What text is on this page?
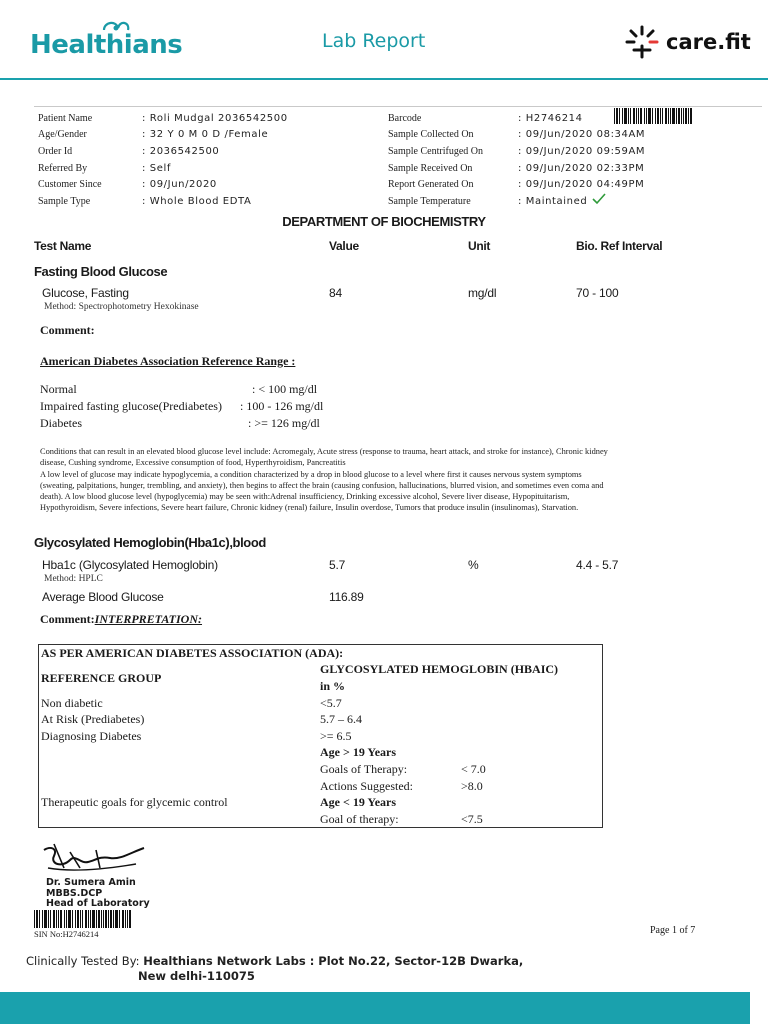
Healthians	Lab Report	care.fit
Patient Name	: Roli Mudgal 2036542500
Age/Gender	: 32 Y 0 M 0 D /Female
Order Id	: 2036542500
Referred By	: Self
Customer Since	: 09/Jun/2020
Sample Type	: Whole Blood EDTA
Barcode	: H2746214
Sample Collected On	: 09/Jun/2020 08:34AM
Sample Centrifuged On	: 09/Jun/2020 09:59AM
Sample Received On	: 09/Jun/2020 02:33PM
Report Generated On	: 09/Jun/2020 04:49PM
Sample Temperature	: Maintained
DEPARTMENT OF BIOCHEMISTRY
Test Name	Value	Unit	Bio. Ref Interval
Fasting Blood Glucose
Glucose, Fasting	84	mg/dl	70 - 100
Method: Spectrophotometry Hexokinase
Comment:
American Diabetes Association Reference Range :
Normal	: < 100 mg/dl
Impaired fasting glucose(Prediabetes) : 100 - 126 mg/dl
Diabetes	: >= 126 mg/dl
Conditions that can result in an elevated blood glucose level include: Acromegaly, Acute stress (response to trauma, heart attack, and stroke for instance), Chronic kidney
disease, Cushing syndrome, Excessive consumption of food, Hyperthyroidism, Pancreatitis
A low level of glucose may indicate hypoglycemia, a condition characterized by a drop in blood glucose to a level where first it causes nervous system symptoms
(sweating, palpitations, hunger, trembling, and anxiety), then begins to affect the brain (causing confusion, hallucinations, blurred vision, and sometimes even coma and
death). A low blood glucose level (hypoglycemia) may be seen with:Adrenal insufficiency, Drinking excessive alcohol, Severe liver disease, Hypopituitarism,
Hypothyroidism, Severe infections, Severe heart failure, Chronic kidney (renal) failure, Insulin overdose, Tumors that produce insulin (insulinomas), Starvation.
Glycosylated Hemoglobin(Hba1c),blood
Hba1c (Glycosylated Hemoglobin)	5.7	%	4.4 - 5.7
Method: HPLC
Average Blood Glucose	116.89
Comment:INTERPRETATION:
AS PER AMERICAN DIABETES ASSOCIATION (ADA):
REFERENCE GROUP
GLYCOSYLATED HEMOGLOBIN (HBAIC)
in %
Non diabetic	<5.7
At Risk (Prediabetes)	5.7 – 6.4
Diagnosing Diabetes	>= 6.5
Age > 19 Years
Goals of Therapy:	< 7.0
Actions Suggested:	>8.0
Therapeutic goals for glycemic control	Age < 19 Years
Goal of therapy:	<7.5
Dr. Sumera Amin
MBBS.DCP
Head of Laboratory
SIN No:H2746214	Page 1 of 7
Clinically Tested By: Healthians Network Labs : Plot No.22, Sector-12B Dwarka,
New delhi-110075
